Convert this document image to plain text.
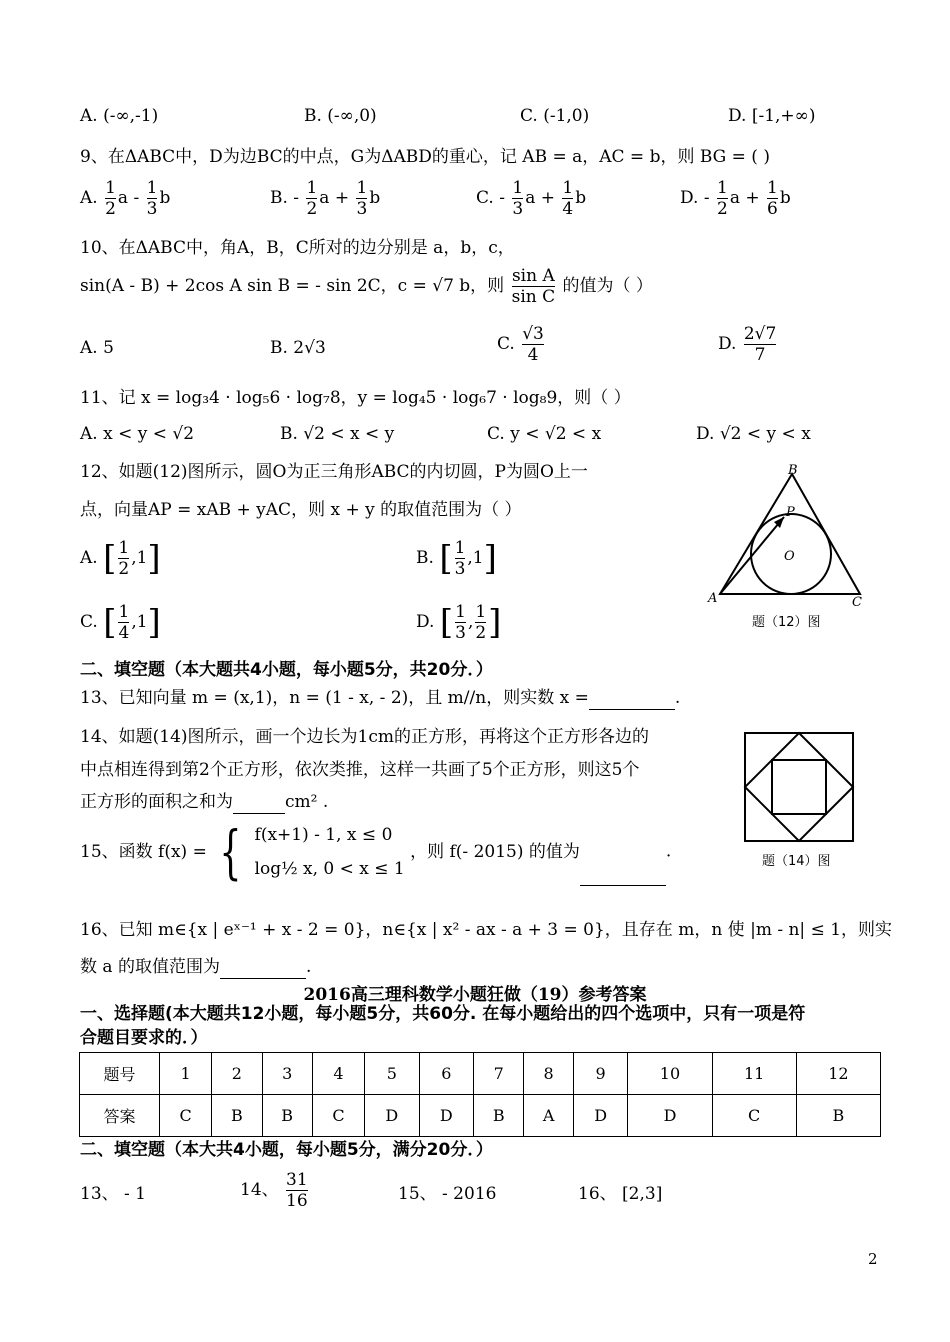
A. (-∞,-1)	B. (-∞,0)	C. (-1,0)	D. [-1,+∞)
9、在ΔABC中，D为边BC的中点，G为ΔABD的重心，记 AB = a，AC = b，则 BG = ( )
A. $\frac{1}{2}$ a - $\frac{1}{3}$ b	B. - $\frac{1}{2}$ $a + \frac{1}{3}$ b	C. - $\frac{1}{3}$ $a + \frac{1}{4}$ b	D. - $\frac{1}{2}$ $a + \frac{1}{6}$ b
10、在ΔABC中，角A，B，C所对的边分别是 a，b，c，
sin(A - B) + 2cos A sin B = - sin 2C，c = √7 b，则 $\frac{\text{sin A}}{\text{sin C}}$ 的值为（ ）
A. 5	B. 2√3	C. $\frac{√3}{4}$	D. $\frac{2√7}{7}$
11、记 x = log₃4 · log₅6 · log₇8，y = log₄5 · log₆7 · log₈9，则（ ）
A. x < y < √2	B. √2 < x < y	C. y < √2 < x	D. √2 < y < x
12、如题(12)图所示，圆O为正三角形ABC的内切圆，P为圆O上一
点，向量AP = xAB + yAC，则 x + y 的取值范围为（ ）
A. [ $\frac{1}{2} ,1$]	B. [ $\frac{1}{3} ,1$]
C. [ $\frac{1}{4} ,1$]	D. [ $\frac{1}{3}$ , $\frac{1}{2}$ ]
B
A	C
O
P
题（12）图
二、填空题（本大题共4小题，每小题5分，共20分．）
13、已知向量 m = (x,1)，n = (1 - x, - 2)，且 m//n，则实数 x =	.
14、如题(14)图所示，画一个边长为1cm的正方形，再将这个正方形各边的
中点相连得到第2个正方形，依次类推，这样一共画了5个正方形，则这5个
正方形的面积之和为	cm² .
题（14）图
15、函数 f(x) = { f(x+1) - 1, x ≤ 0
log½ x, 0 < x ≤ 1
，则 f(- 2015) 的值为	.
16、已知 m∈{x | eˣ⁻¹ + x - 2 = 0}，n∈{x | x² - ax - a + 3 = 0}，且存在 m，n 使 |m - n| ≤ 1，则实
数 a 的取值范围为	.
2016高三理科数学小题狂做（19）参考答案
一、选择题(本大题共12小题，每小题5分，共60分. 在每小题给出的四个选项中，只有一项是符
合题目要求的．）
题号	1	2	3	4	5	6	7	8	9	10	11	12
答案	C	B	B	C	D	D	B	A	D	D	C	B
二、填空题（本大共4小题，每小题5分，满分20分．）
13、 - 1	14、 $\frac{31}{16}$	15、 - 2016	16、 [2,3]
2
